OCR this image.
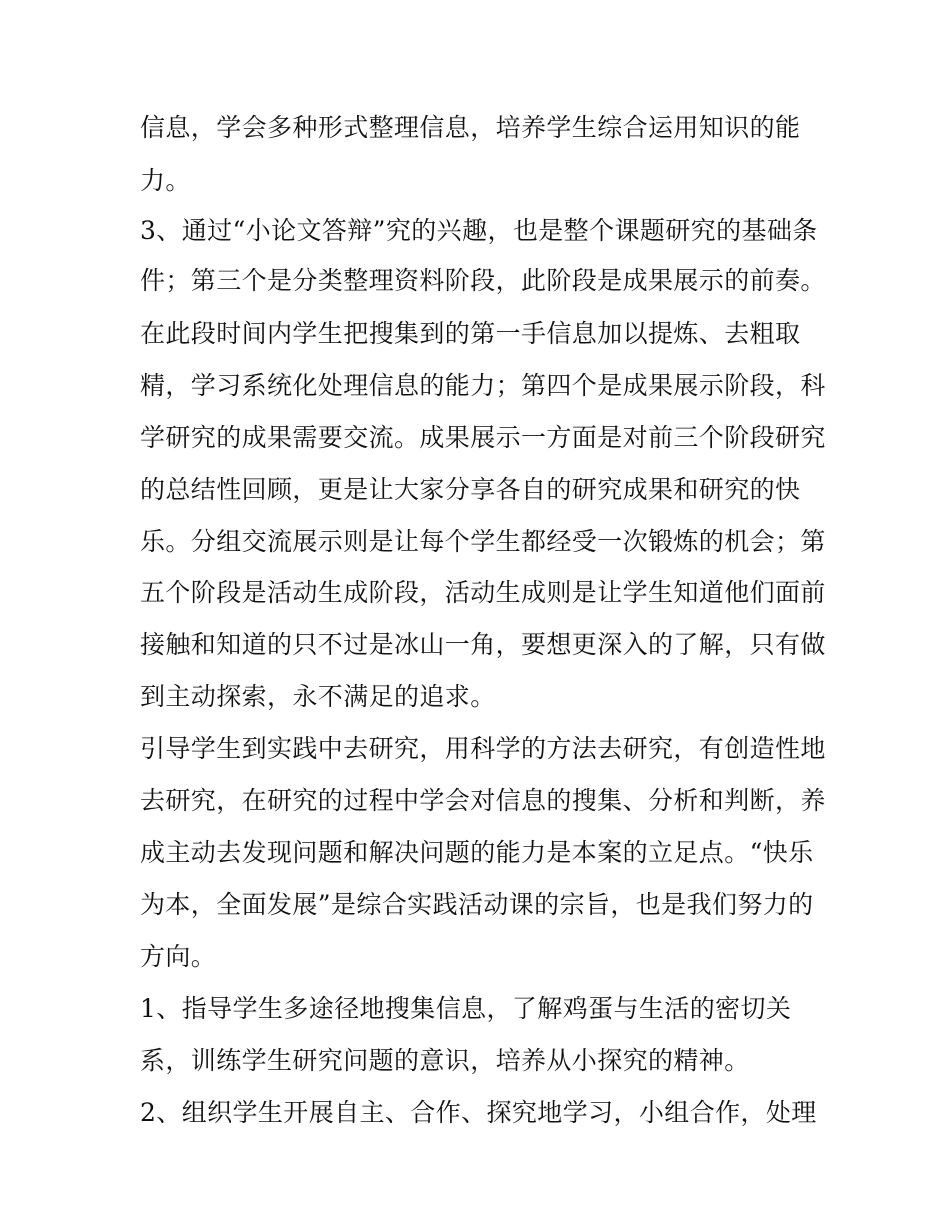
信息，学会多种形式整理信息，培养学生综合运用知识的能

力。

3、通过“小论文答辩”究的兴趣，也是整个课题研究的基础条

件；第三个是分类整理资料阶段，此阶段是成果展示的前奏。

在此段时间内学生把搜集到的第一手信息加以提炼、去粗取

精，学习系统化处理信息的能力；第四个是成果展示阶段，科

学研究的成果需要交流。成果展示一方面是对前三个阶段研究

的总结性回顾，更是让大家分享各自的研究成果和研究的快

乐。分组交流展示则是让每个学生都经受一次锻炼的机会；第

五个阶段是活动生成阶段，活动生成则是让学生知道他们面前

接触和知道的只不过是冰山一角，要想更深入的了解，只有做

到主动探索，永不满足的追求。

引导学生到实践中去研究，用科学的方法去研究，有创造性地

去研究，在研究的过程中学会对信息的搜集、分析和判断，养

成主动去发现问题和解决问题的能力是本案的立足点。“快乐

为本，全面发展”是综合实践活动课的宗旨，也是我们努力的

方向。

1、指导学生多途径地搜集信息，了解鸡蛋与生活的密切关

系，训练学生研究问题的意识，培养从小探究的精神。

2、组织学生开展自主、合作、探究地学习，小组合作，处理
